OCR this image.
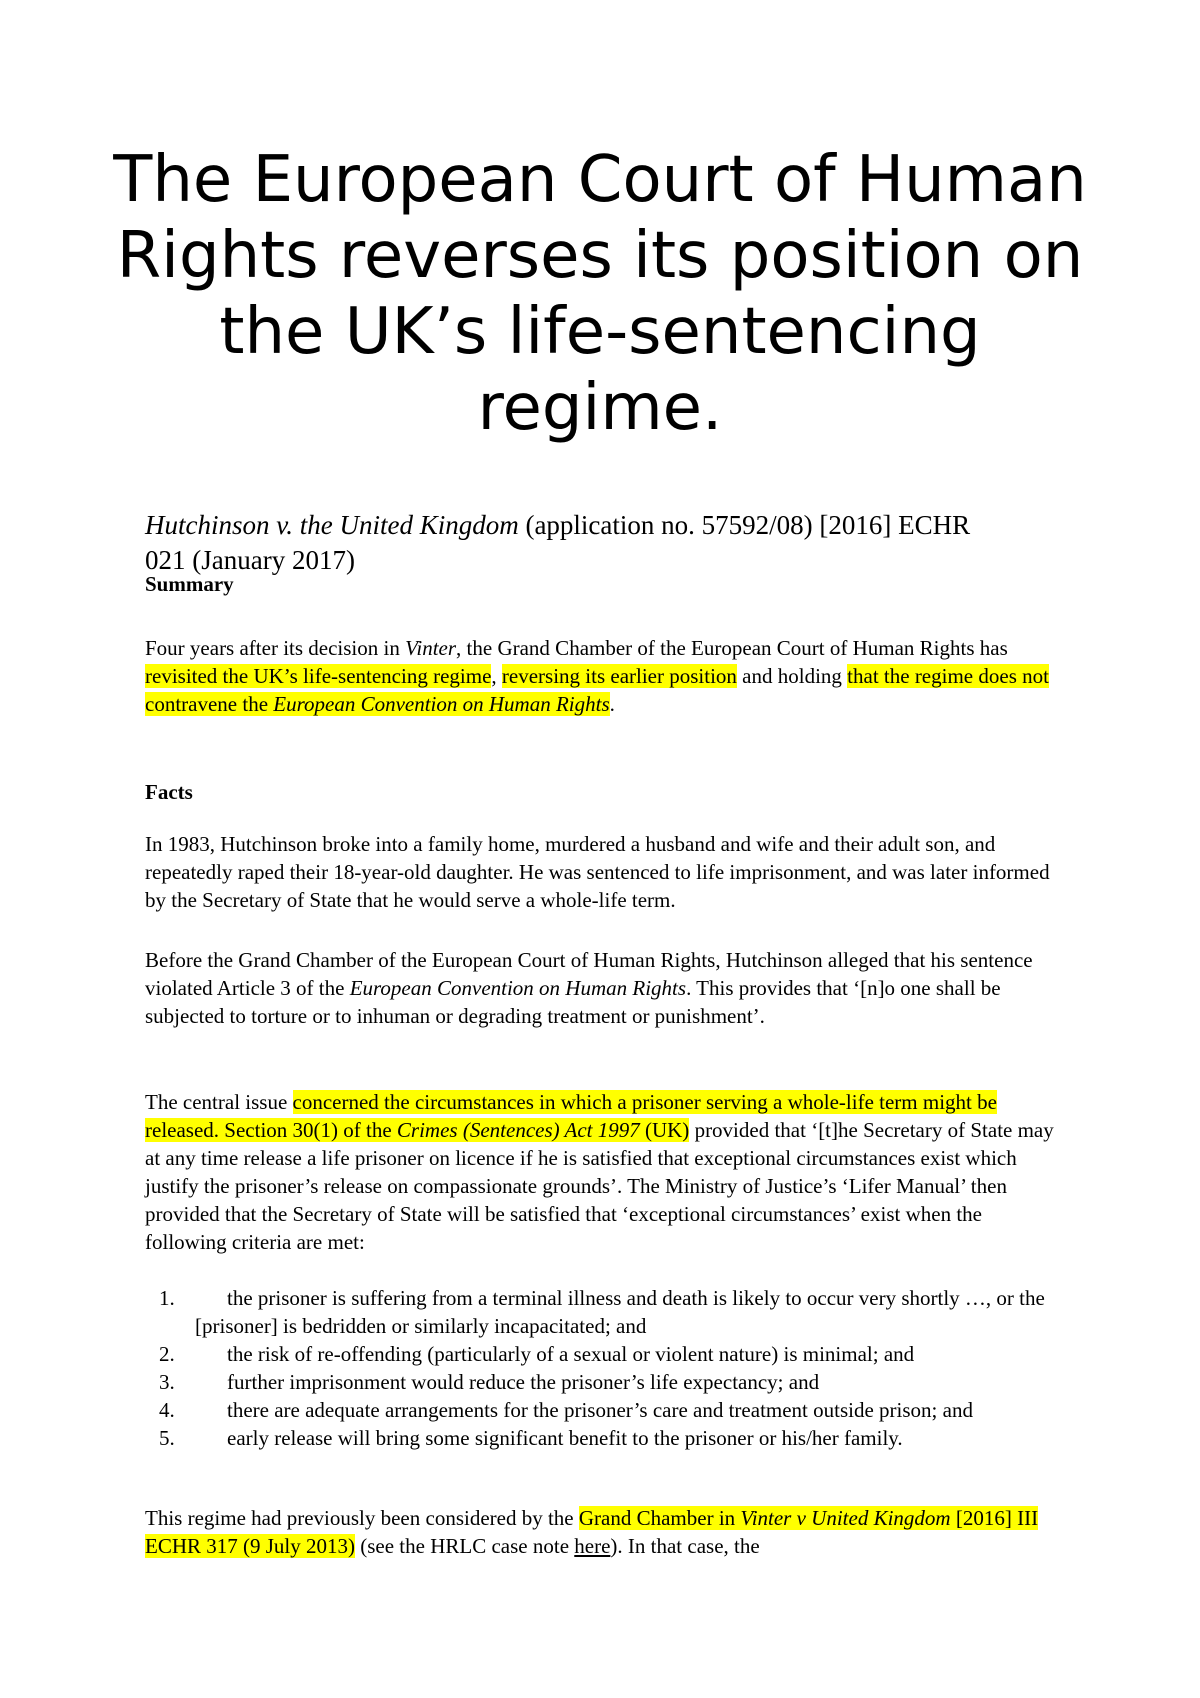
The European Court of Human Rights reverses its position on the UK’s life-sentencing regime.

Hutchinson v. the United Kingdom (application no. 57592/08) [2016] ECHR
021 (January 2017)

Summary

Four years after its decision in Vinter, the Grand Chamber of the European Court of Human Rights has revisited the UK’s life-sentencing regime, reversing its earlier position and holding that the regime does not contravene the European Convention on Human Rights.

Facts

In 1983, Hutchinson broke into a family home, murdered a husband and wife and their adult son, and repeatedly raped their 18-year-old daughter. He was sentenced to life imprisonment, and was later informed by the Secretary of State that he would serve a whole-life term.

Before the Grand Chamber of the European Court of Human Rights, Hutchinson alleged that his sentence violated Article 3 of the European Convention on Human Rights. This provides that ‘[n]o one shall be subjected to torture or to inhuman or degrading treatment or punishment’.

The central issue concerned the circumstances in which a prisoner serving a whole-life term might be released. Section 30(1) of the Crimes (Sentences) Act 1997 (UK) provided that ‘[t]he Secretary of State may at any time release a life prisoner on licence if he is satisfied that exceptional circumstances exist which justify the prisoner’s release on compassionate grounds’. The Ministry of Justice’s ‘Lifer Manual’ then provided that the Secretary of State will be satisfied that ‘exceptional circumstances’ exist when the following criteria are met:

1. the prisoner is suffering from a terminal illness and death is likely to occur very shortly …, or the [prisoner] is bedridden or similarly incapacitated; and
2. the risk of re-offending (particularly of a sexual or violent nature) is minimal; and
3. further imprisonment would reduce the prisoner’s life expectancy; and
4. there are adequate arrangements for the prisoner’s care and treatment outside prison; and
5. early release will bring some significant benefit to the prisoner or his/her family.

This regime had previously been considered by the Grand Chamber in Vinter v United Kingdom [2016] III ECHR 317 (9 July 2013) (see the HRLC case note here). In that case, the
